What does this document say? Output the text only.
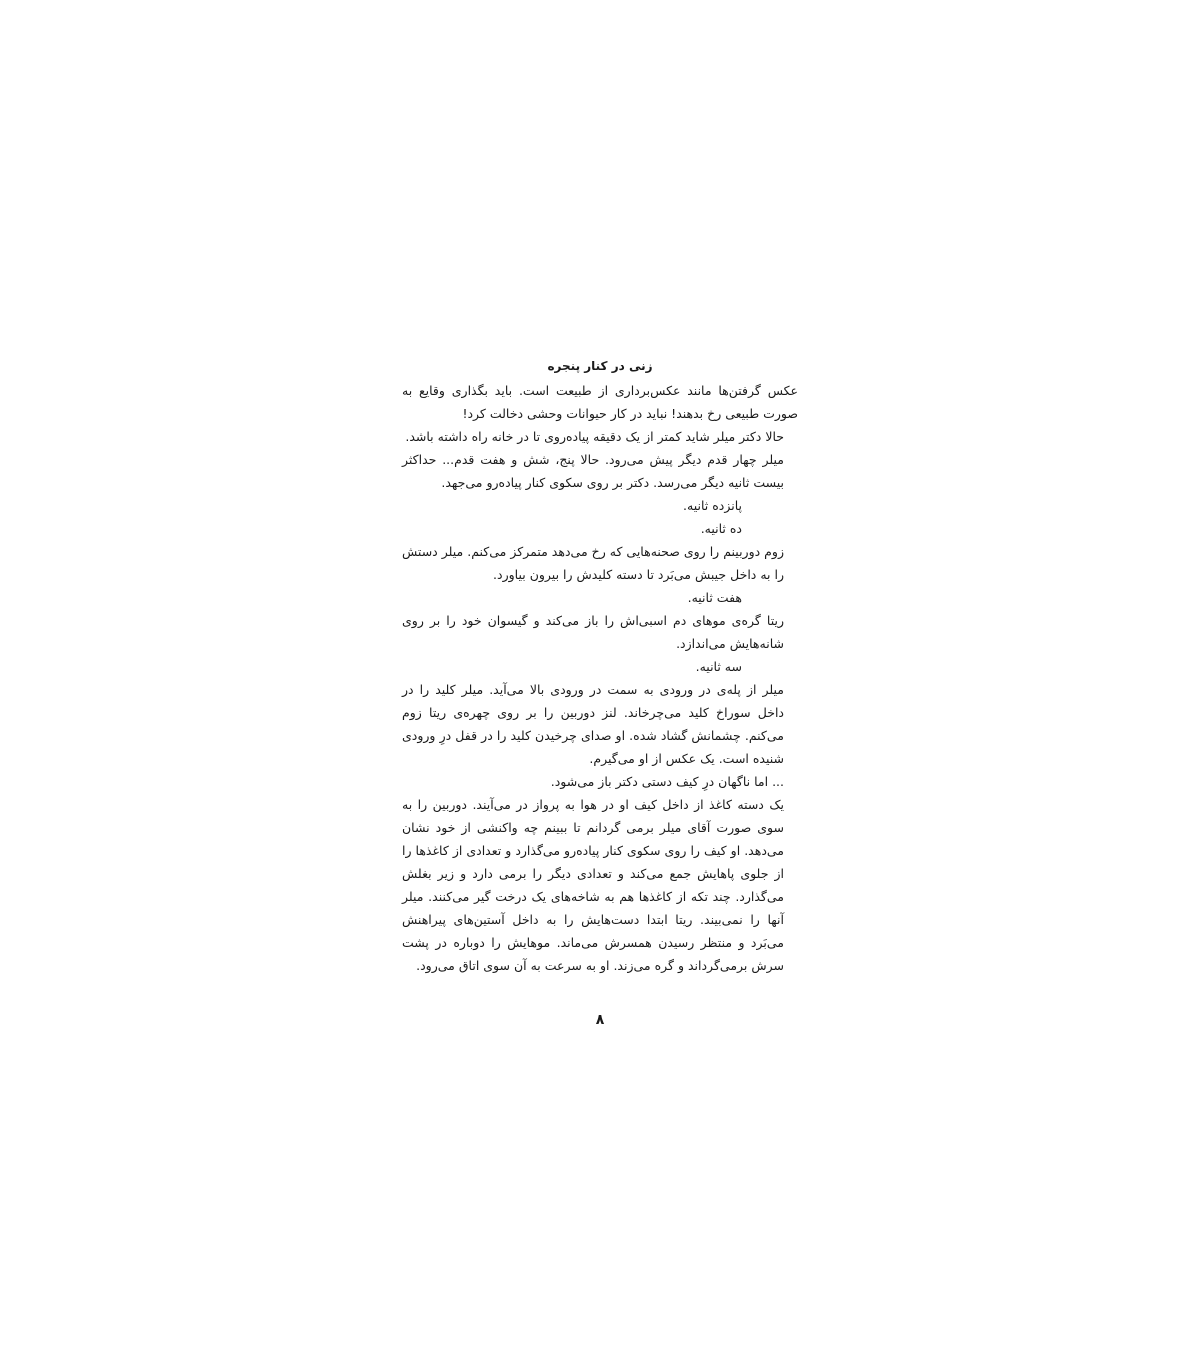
زنی در کنار پنجره

عکس گرفتن‌ها مانند عکس‌برداری از طبیعت است. باید بگذاری وقایع به صورت طبیعی رخ بدهند! نباید در کار حیوانات وحشی دخالت کرد!

حالا دکتر میلر شاید کمتر از یک دقیقه پیاده‌روی تا در خانه راه داشته باشد.

میلر چهار قدم دیگر پیش می‌رود. حالا پنج، شش و هفت قدم... حداکثر بیست ثانیه دیگر می‌رسد. دکتر بر روی سکوی کنار پیاده‌رو می‌جهد.

پانزده ثانیه.

ده ثانیه.

زوم دوربینم را روی صحنه‌هایی که رخ می‌دهد متمرکز می‌کنم. میلر دستش را به داخل جیبش می‌بَرد تا دسته کلیدش را بیرون بیاورد.

هفت ثانیه.

ریتا گره‌ی موهای دم اسبی‌اش را باز می‌کند و گیسوان خود را بر روی شانه‌هایش می‌اندازد.

سه ثانیه.

میلر از پله‌ی در ورودی به سمت در ورودی بالا می‌آید. میلر کلید را در داخل سوراخ کلید می‌چرخاند. لنز دوربین را بر روی چهره‌ی ریتا زوم می‌کنم. چشمانش گشاد شده. او صدای چرخیدن کلید را در قفل درِ ورودی شنیده است. یک عکس از او می‌گیرم.

... اما ناگهان درِ کیف دستی دکتر باز می‌شود.

یک دسته کاغذ از داخل کیف او در هوا به پرواز در می‌آیند. دوربین را به سوی صورت آقای میلر برمی گردانم تا ببینم چه واکنشی از خود نشان می‌دهد. او کیف را روی سکوی کنار پیاده‌رو می‌گذارد و تعدادی از کاغذها را از جلوی پاهایش جمع می‌کند و تعدادی دیگر را برمی دارد و زیر بغلش می‌گذارد. چند تکه از کاغذها هم به شاخه‌های یک درخت گیر می‌کنند. میلر آنها را نمی‌بیند. ریتا ابتدا دست‌هایش را به داخل آستین‌های پیراهنش می‌بَرد و منتظر رسیدن همسرش می‌ماند. موهایش را دوباره در پشت سرش برمی‌گرداند و گره می‌زند. او به سرعت به آن سوی اتاق می‌رود.

۸
